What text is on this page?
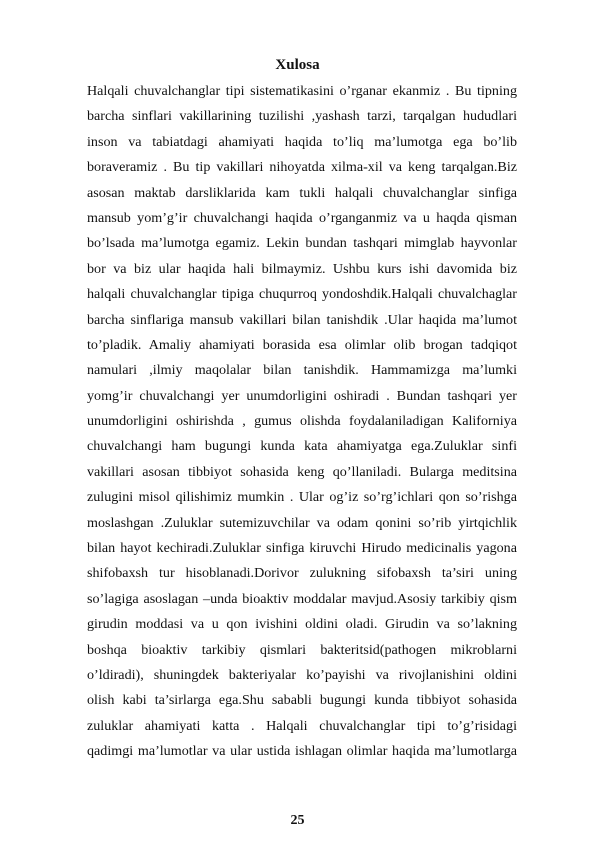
Xulosa
Halqali chuvalchanglar tipi sistematikasini o’rganar ekanmiz . Bu tipning
barcha sinflari vakillarining tuzilishi ,yashash tarzi, tarqalgan hududlari
inson va tabiatdagi ahamiyati haqida to’liq ma’lumotga ega bo’lib
boraveramiz . Bu tip vakillari nihoyatda xilma-xil va keng tarqalgan.Biz
asosan maktab darsliklarida kam tukli halqali chuvalchanglar sinfiga
mansub yom’g’ir chuvalchangi haqida o’rganganmiz va u haqda qisman
bo’lsada ma’lumotga egamiz. Lekin bundan tashqari mimglab hayvonlar
bor va biz ular haqida hali bilmaymiz. Ushbu kurs ishi davomida biz
halqali chuvalchanglar tipiga chuqurroq yondoshdik.Halqali chuvalchaglar
barcha sinflariga mansub vakillari bilan tanishdik .Ular haqida ma’lumot
to’pladik. Amaliy ahamiyati borasida esa olimlar olib brogan tadqiqot
namulari ,ilmiy maqolalar bilan tanishdik. Hammamizga ma’lumki
yomg’ir chuvalchangi yer unumdorligini oshiradi . Bundan tashqari yer
unumdorligini oshirishda , gumus olishda foydalaniladigan Kaliforniya
chuvalchangi ham bugungi kunda kata ahamiyatga ega.Zuluklar sinfi
vakillari asosan tibbiyot sohasida keng qo’llaniladi. Bularga meditsina
zulugini misol qilishimiz mumkin . Ular og’iz so’rg’ichlari qon so’rishga
moslashgan .Zuluklar sutemizuvchilar va odam qonini so’rib yirtqichlik
bilan hayot kechiradi.Zuluklar sinfiga kiruvchi Hirudo medicinalis yagona
shifobaxsh tur hisoblanadi.Dorivor zulukning sifobaxsh ta’siri uning
so’lagiga asoslagan –unda bioaktiv moddalar mavjud.Asosiy tarkibiy qism
girudin moddasi va u qon ivishini oldini oladi. Girudin va so’lakning
boshqa bioaktiv tarkibiy qismlari bakteritsid(pathogen mikroblarni
o’ldiradi), shuningdek bakteriyalar ko’payishi va rivojlanishini oldini
olish kabi ta’sirlarga ega.Shu sababli bugungi kunda tibbiyot sohasida
zuluklar ahamiyati katta . Halqali chuvalchanglar tipi to’g’risidagi
qadimgi ma’lumotlar va ular ustida ishlagan olimlar haqida ma’lumotlarga
25
